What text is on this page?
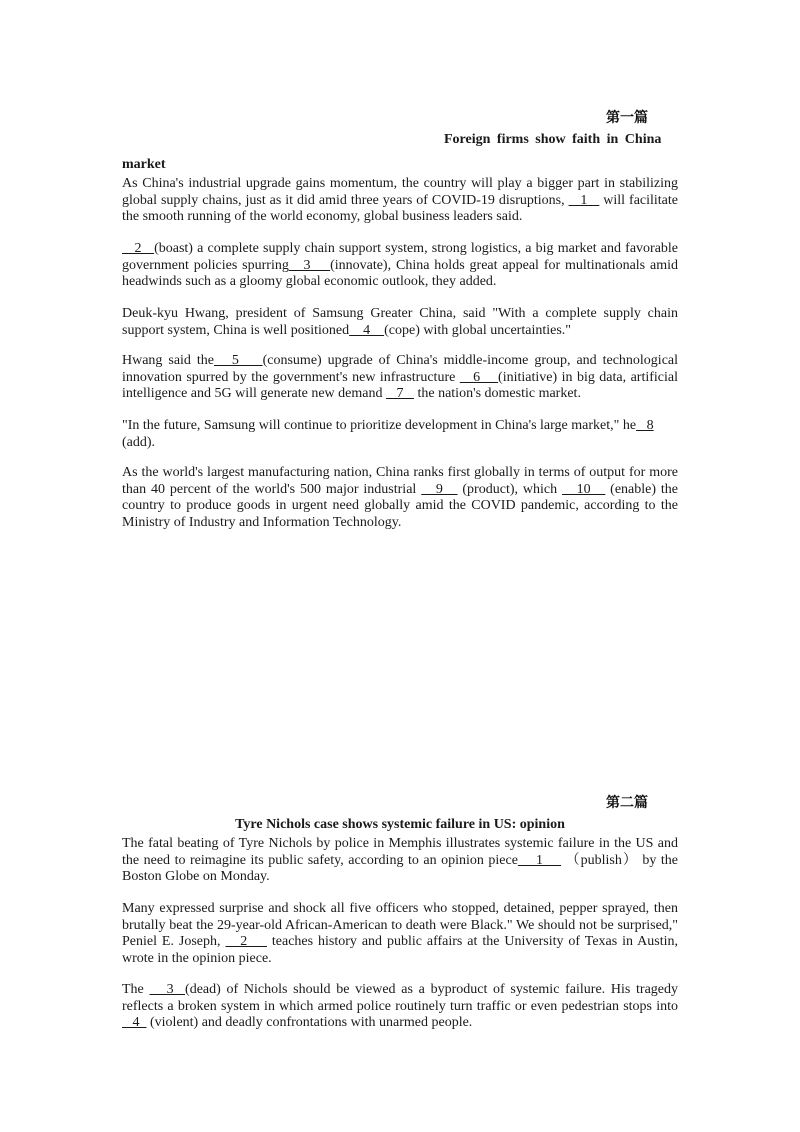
第一篇
Foreign firms show faith in China
market

As China's industrial upgrade gains momentum, the country will play a bigger part in stabilizing global supply chains, just as it did amid three years of COVID-19 disruptions,    1    will facilitate the smooth running of the world economy, global business leaders said.

2   (boast) a complete supply chain support system, strong logistics, a big market and favorable government policies spurring   3    (innovate), China holds great appeal for multinationals amid headwinds such as a gloomy global economic outlook, they added.

Deuk-kyu Hwang, president of Samsung Greater China, said "With a complete supply chain support system, China is well positioned    4    (cope) with global uncertainties."

Hwang said the   5    (consume) upgrade of China's middle-income group, and technological innovation spurred by the government's new infrastructure    6    (initiative) in big data, artificial intelligence and 5G will generate new demand    7    the nation's domestic market.

"In the future, Samsung will continue to prioritize development in China's large market," he   8 (add).

As the world's largest manufacturing nation, China ranks first globally in terms of output for more than 40 percent of the world's 500 major industrial    9    (product), which    10    (enable) the country to produce goods in urgent need globally amid the COVID pandemic, according to the Ministry of Industry and Information Technology.

第二篇
Tyre Nichols case shows systemic failure in US: opinion

The fatal beating of Tyre Nichols by police in Memphis illustrates systemic failure in the US and the need to reimagine its public safety, according to an opinion piece    1     （publish） by the Boston Globe on Monday.

Many expressed surprise and shock all five officers who stopped, detained, pepper sprayed, then brutally beat the 29-year-old African-American to death were Black." We should not be surprised," Peniel E. Joseph,    2     teaches history and public affairs at the University of Texas in Austin, wrote in the opinion piece.

The    3  (dead) of Nichols should be viewed as a byproduct of systemic failure. His tragedy reflects a broken system in which armed police routinely turn traffic or even pedestrian stops into    4   (violent) and deadly confrontations with unarmed people.
